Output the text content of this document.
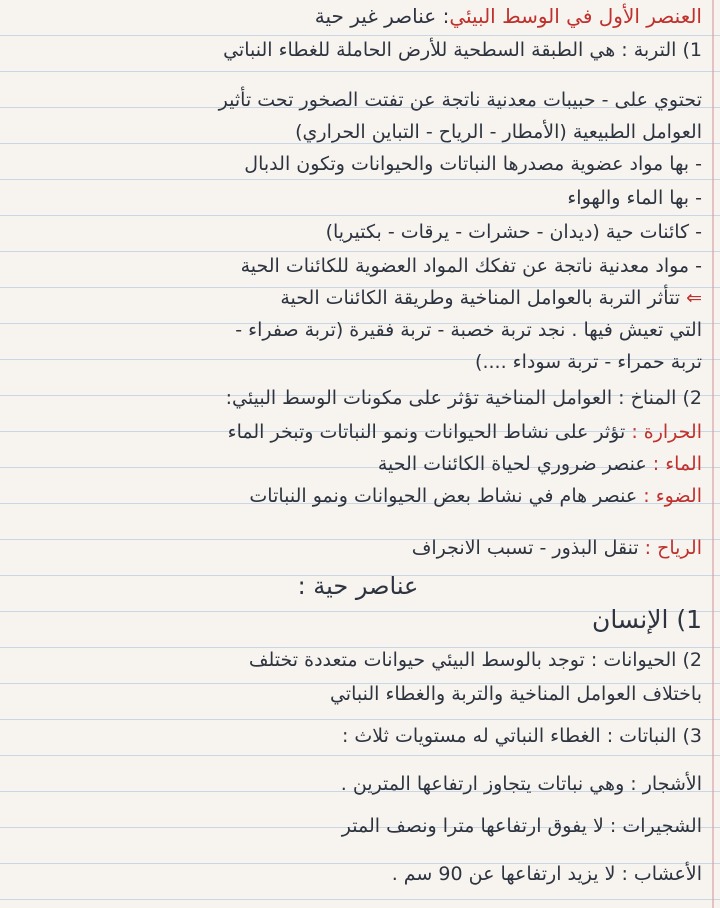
العنصر الأول في الوسط البيئي: عناصر غير حية
1) التربة : هي الطبقة السطحية للأرض الحاملة للغطاء النباتي
تحتوي على - حبيبات معدنية ناتجة عن تفتت الصخور تحت تأثير
العوامل الطبيعية (الأمطار - الرياح - التباين الحراري)
- بها مواد عضوية مصدرها النباتات والحيوانات وتكون الدبال
- بها الماء والهواء
- كائنات حية (ديدان - حشرات - يرقات - بكتيريا)
- مواد معدنية ناتجة عن تفكك المواد العضوية للكائنات الحية
⇐ تتأثر التربة بالعوامل المناخية وطريقة الكائنات الحية
التي تعيش فيها . نجد تربة خصبة - تربة فقيرة (تربة صفراء -
تربة حمراء - تربة سوداء ....)
2) المناخ : العوامل المناخية تؤثر على مكونات الوسط البيئي:
الحرارة : تؤثر على نشاط الحيوانات ونمو النباتات وتبخر الماء
الماء : عنصر ضروري لحياة الكائنات الحية
الضوء : عنصر هام في نشاط بعض الحيوانات ونمو النباتات
الرياح : تنقل البذور - تسبب الانجراف
عناصر حية :
1) الإنسان
2) الحيوانات : توجد بالوسط البيئي حيوانات متعددة تختلف
باختلاف العوامل المناخية والتربة والغطاء النباتي
3) النباتات : الغطاء النباتي له مستويات ثلاث :
الأشجار : وهي نباتات يتجاوز ارتفاعها المترين .
الشجيرات : لا يفوق ارتفاعها مترا ونصف المتر
الأعشاب : لا يزيد ارتفاعها عن 90 سم .
